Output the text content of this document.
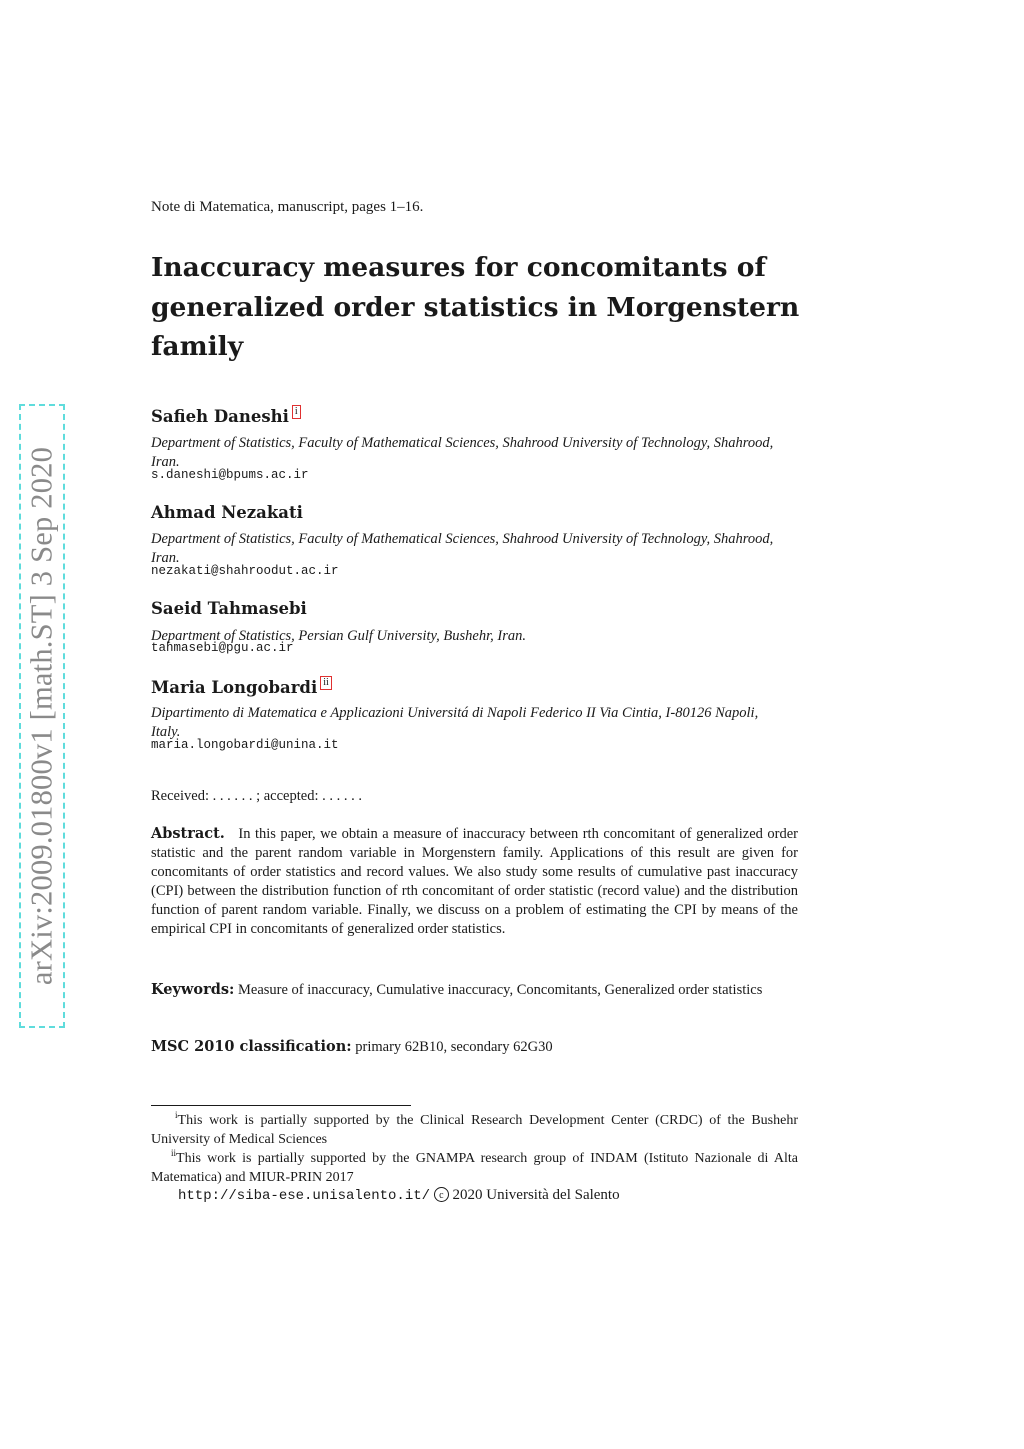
arXiv:2009.01800v1 [math.ST] 3 Sep 2020
Note di Matematica, manuscript, pages 1–16.
Inaccuracy measures for concomitants of generalized order statistics in Morgenstern family
Safieh Daneshi i
Department of Statistics, Faculty of Mathematical Sciences, Shahrood University of Technology, Shahrood, Iran.
s.daneshi@bpums.ac.ir
Ahmad Nezakati
Department of Statistics, Faculty of Mathematical Sciences, Shahrood University of Technology, Shahrood, Iran.
nezakati@shahroodut.ac.ir
Saeid Tahmasebi
Department of Statistics, Persian Gulf University, Bushehr, Iran.
tahmasebi@pgu.ac.ir
Maria Longobardi ii
Dipartimento di Matematica e Applicazioni Universitá di Napoli Federico II Via Cintia, I-80126 Napoli, Italy.
maria.longobardi@unina.it
Received: . . . . . . ; accepted: . . . . . .
Abstract. In this paper, we obtain a measure of inaccuracy between rth concomitant of generalized order statistic and the parent random variable in Morgenstern family. Applications of this result are given for concomitants of order statistics and record values. We also study some results of cumulative past inaccuracy (CPI) between the distribution function of rth concomitant of order statistic (record value) and the distribution function of parent random variable. Finally, we discuss on a problem of estimating the CPI by means of the empirical CPI in concomitants of generalized order statistics.
Keywords: Measure of inaccuracy, Cumulative inaccuracy, Concomitants, Generalized order statistics
MSC 2010 classification: primary 62B10, secondary 62G30
$^i$This work is partially supported by the Clinical Research Development Center (CRDC) of the Bushehr University of Medical Sciences
$^{ii}$This work is partially supported by the GNAMPA research group of INDAM (Istituto Nazionale di Alta Matematica) and MIUR-PRIN 2017
http://siba-ese.unisalento.it/ c 2020 Università del Salento
